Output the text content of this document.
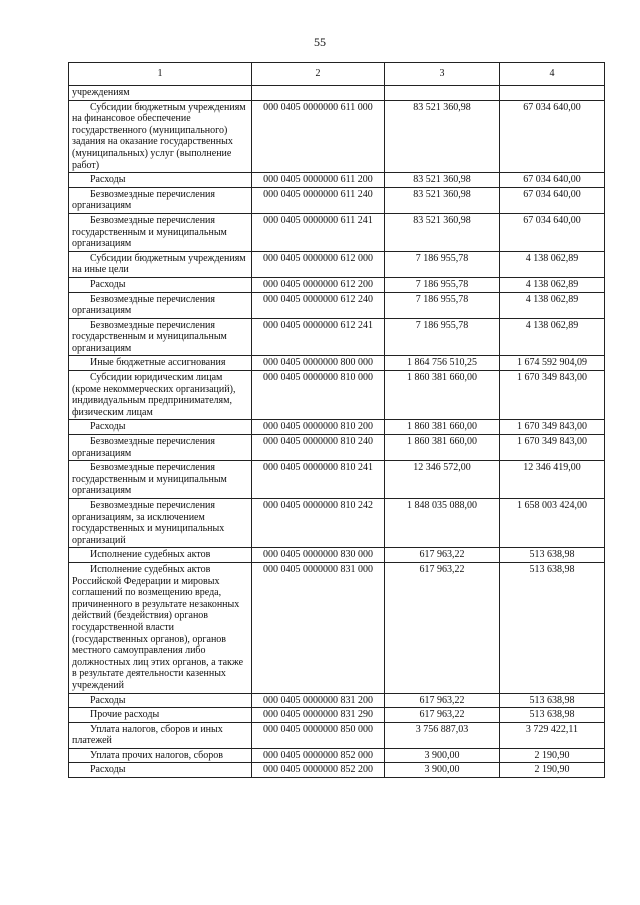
55
1	2	3	4

учреждениям			

Субсидии бюджетным учреждениям на финансовое обеспечение государственного (муниципального) задания на оказание государственных (муниципальных) услуг (выполнение работ)	000 0405 0000000 611 000	83 521 360,98	67 034 640,00

Расходы	000 0405 0000000 611 200	83 521 360,98	67 034 640,00

Безвозмездные перечисления организациям	000 0405 0000000 611 240	83 521 360,98	67 034 640,00

Безвозмездные перечисления государственным и муниципальным организациям	000 0405 0000000 611 241	83 521 360,98	67 034 640,00

Субсидии бюджетным учреждениям на иные цели	000 0405 0000000 612 000	7 186 955,78	4 138 062,89

Расходы	000 0405 0000000 612 200	7 186 955,78	4 138 062,89

Безвозмездные перечисления организациям	000 0405 0000000 612 240	7 186 955,78	4 138 062,89

Безвозмездные перечисления государственным и муниципальным организациям	000 0405 0000000 612 241	7 186 955,78	4 138 062,89

Иные бюджетные ассигнования	000 0405 0000000 800 000	1 864 756 510,25	1 674 592 904,09

Субсидии юридическим лицам (кроме некоммерческих организаций), индивидуальным предпринимателям, физическим лицам	000 0405 0000000 810 000	1 860 381 660,00	1 670 349 843,00

Расходы	000 0405 0000000 810 200	1 860 381 660,00	1 670 349 843,00

Безвозмездные перечисления организациям	000 0405 0000000 810 240	1 860 381 660,00	1 670 349 843,00

Безвозмездные перечисления государственным и муниципальным организациям	000 0405 0000000 810 241	12 346 572,00	12 346 419,00

Безвозмездные перечисления организациям, за исключением государственных и муниципальных организаций	000 0405 0000000 810 242	1 848 035 088,00	1 658 003 424,00

Исполнение судебных актов	000 0405 0000000 830 000	617 963,22	513 638,98

Исполнение судебных актов Российской Федерации и мировых соглашений по возмещению вреда, причиненного в результате незаконных действий (бездействия) органов государственной власти (государственных органов), органов местного самоуправления либо должностных лиц этих органов, а также в результате деятельности казенных учреждений	000 0405 0000000 831 000	617 963,22	513 638,98

Расходы	000 0405 0000000 831 200	617 963,22	513 638,98

Прочие расходы	000 0405 0000000 831 290	617 963,22	513 638,98

Уплата налогов, сборов и иных платежей	000 0405 0000000 850 000	3 756 887,03	3 729 422,11

Уплата прочих налогов, сборов	000 0405 0000000 852 000	3 900,00	2 190,90

Расходы	000 0405 0000000 852 200	3 900,00	2 190,90
